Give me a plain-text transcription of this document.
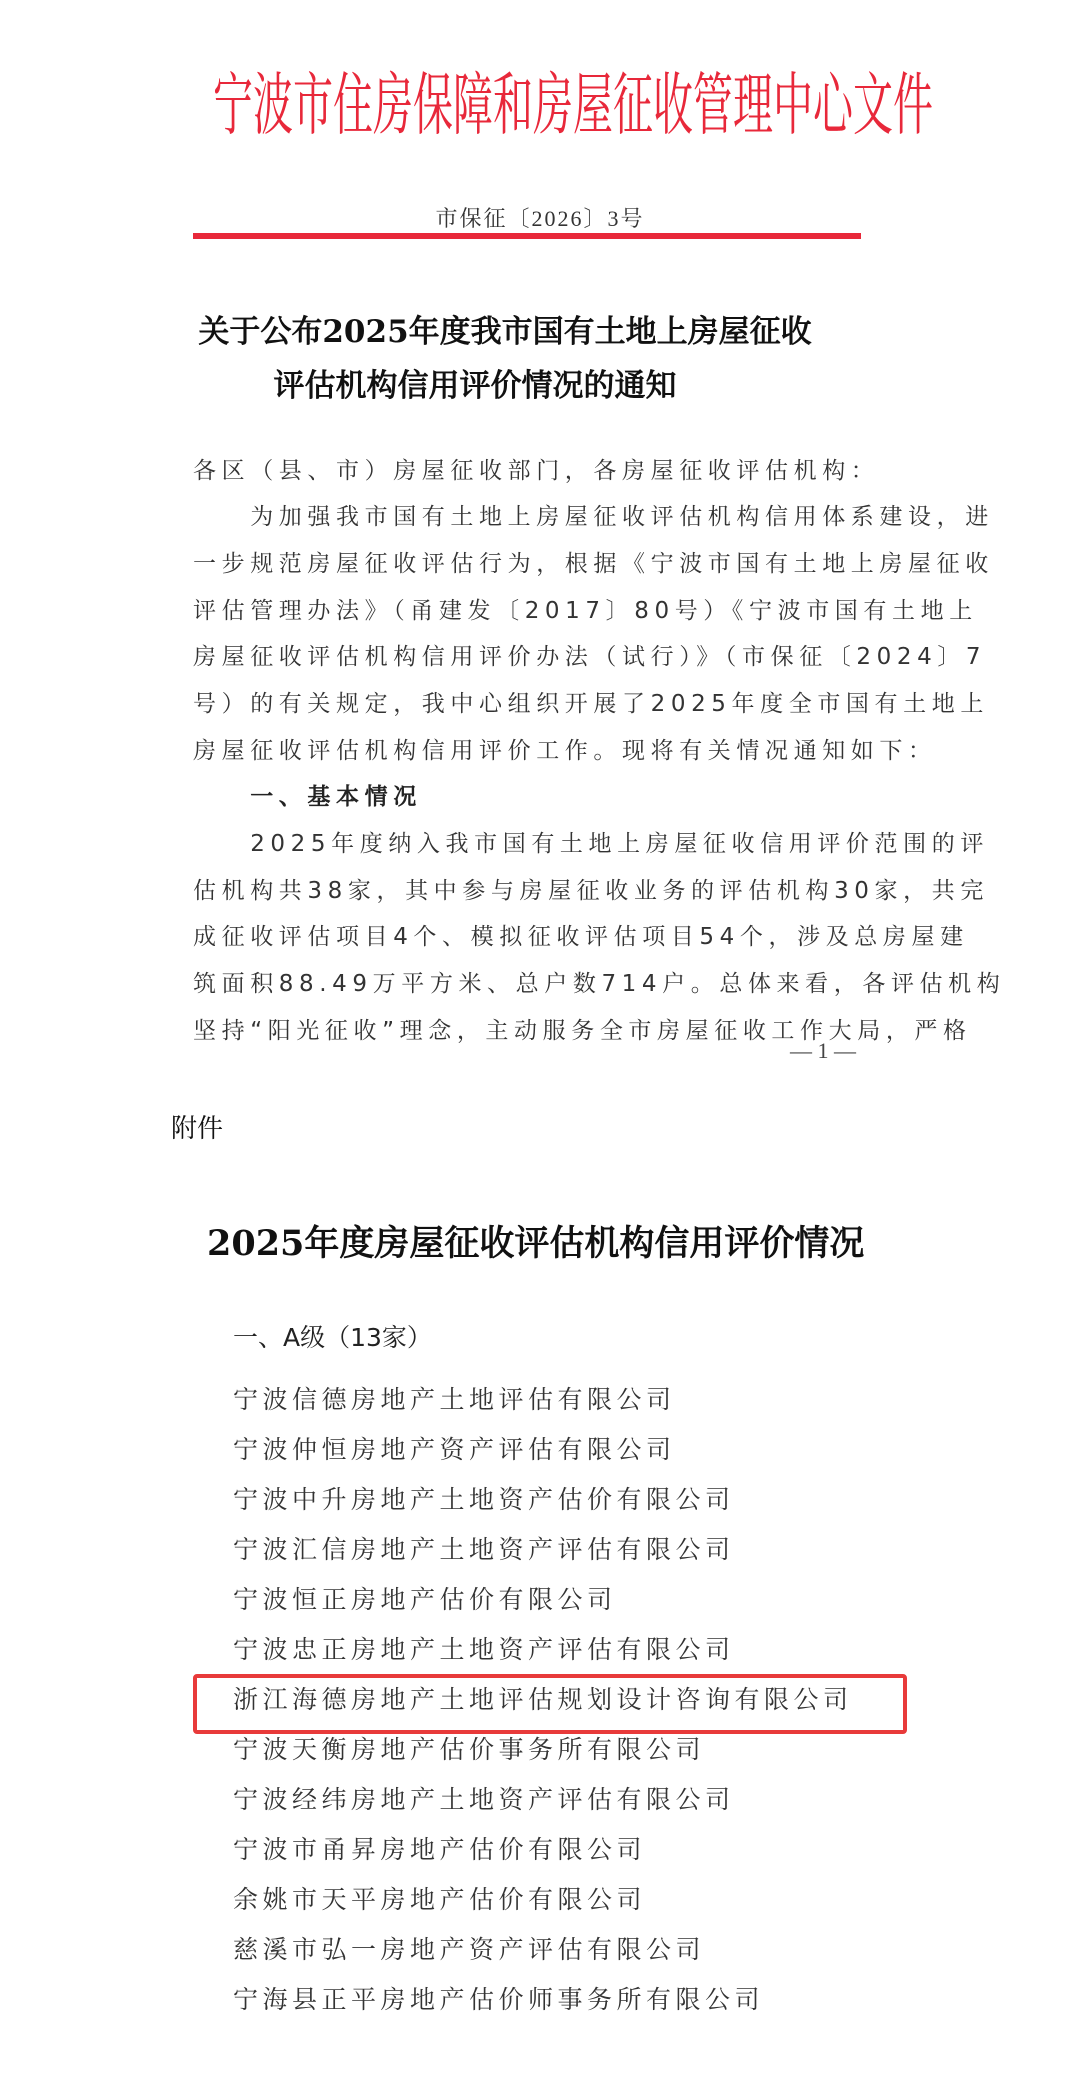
宁波市住房保障和房屋征收管理中心文件
市保征〔2026〕3号
关于公布2025年度我市国有土地上房屋征收
评估机构信用评价情况的通知
各区（县、市）房屋征收部门，各房屋征收评估机构：
　　为加强我市国有土地上房屋征收评估机构信用体系建设，进
一步规范房屋征收评估行为，根据《宁波市国有土地上房屋征收
评估管理办法》（甬建发〔2017〕80号）《宁波市国有土地上
房屋征收评估机构信用评价办法（试行）》（市保征〔2024〕7
号）的有关规定，我中心组织开展了2025年度全市国有土地上
房屋征收评估机构信用评价工作。现将有关情况通知如下：
　　一、基本情况
　　2025年度纳入我市国有土地上房屋征收信用评价范围的评
估机构共38家，其中参与房屋征收业务的评估机构30家，共完
成征收评估项目4个、模拟征收评估项目54个，涉及总房屋建
筑面积88.49万平方米、总户数714户。总体来看，各评估机构
坚持“阳光征收”理念，主动服务全市房屋征收工作大局，严格
— 1 —
附件
2025年度房屋征收评估机构信用评价情况
一、A级（13家）
宁波信德房地产土地评估有限公司
宁波仲恒房地产资产评估有限公司
宁波中升房地产土地资产估价有限公司
宁波汇信房地产土地资产评估有限公司
宁波恒正房地产估价有限公司
宁波忠正房地产土地资产评估有限公司
浙江海德房地产土地评估规划设计咨询有限公司
宁波天衡房地产估价事务所有限公司
宁波经纬房地产土地资产评估有限公司
宁波市甬昇房地产估价有限公司
余姚市天平房地产估价有限公司
慈溪市弘一房地产资产评估有限公司
宁海县正平房地产估价师事务所有限公司
